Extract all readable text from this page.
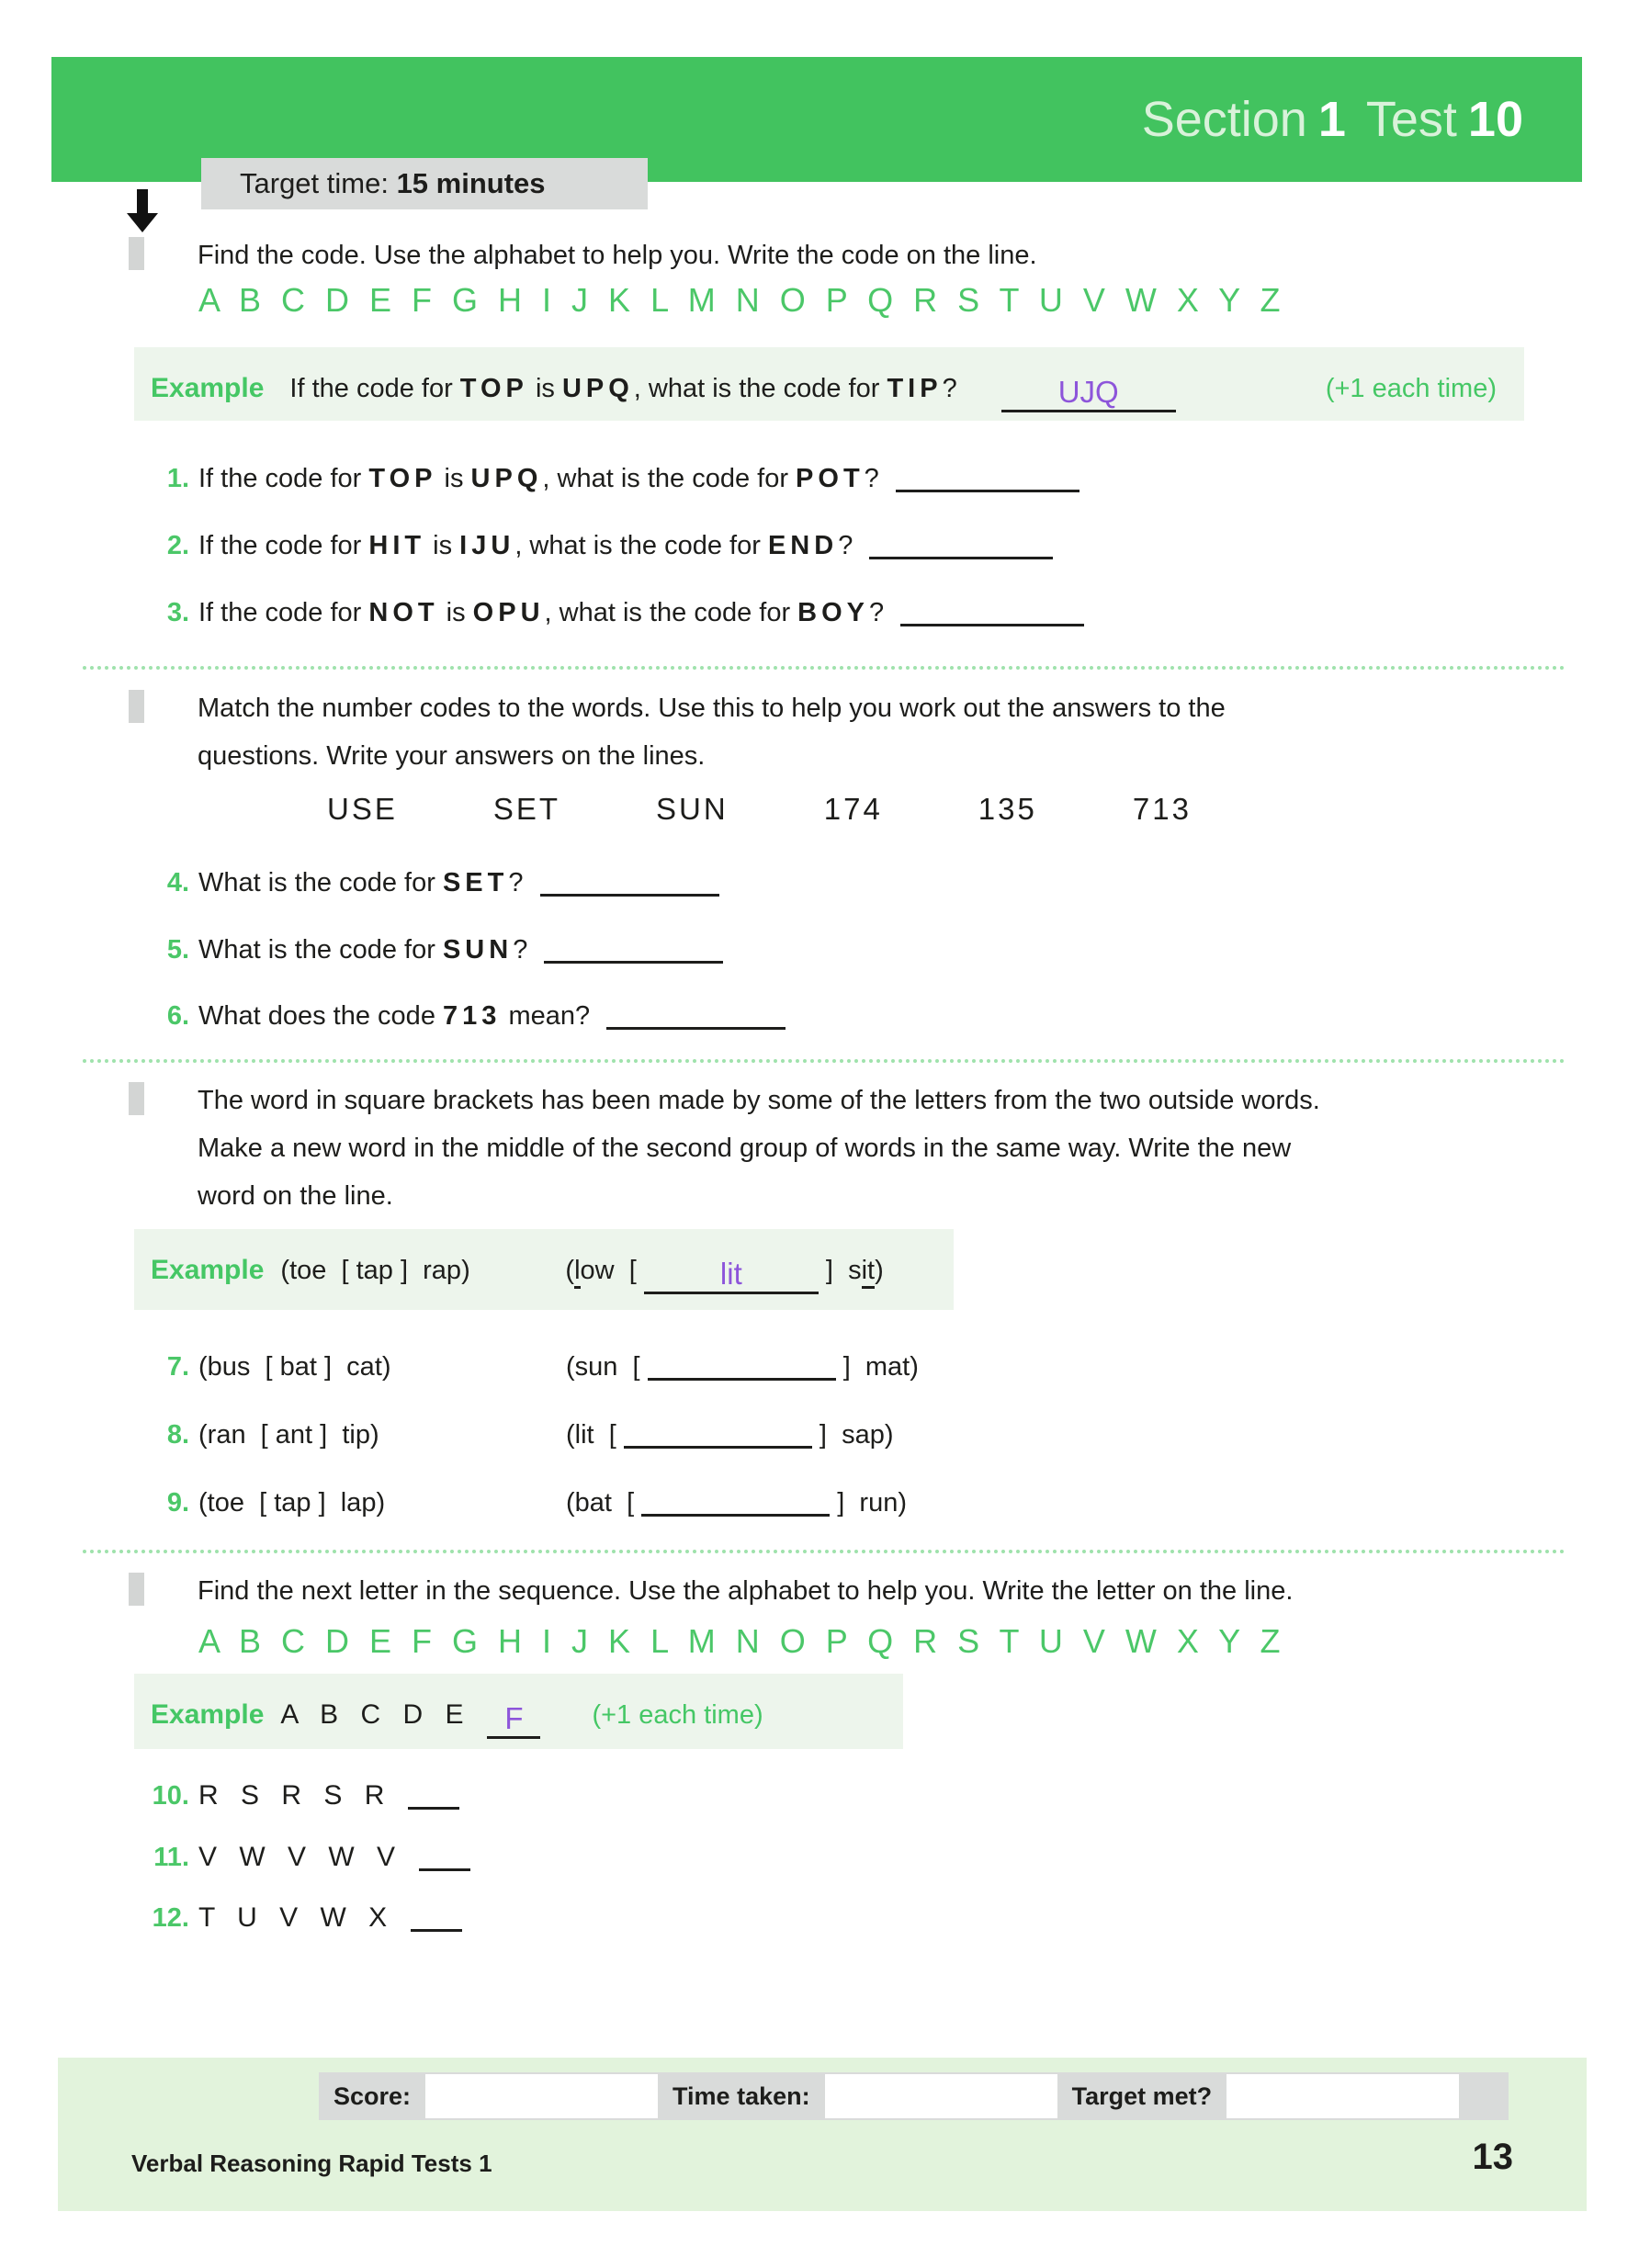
Section 1 Test 10
Target time: 15 minutes
Find the code. Use the alphabet to help you. Write the code on the line.
A B C D E F G H I J K L M N O P Q R S T U V W X Y Z
Example If the code for TOP is UPQ, what is the code for TIP?	UJQ	(+1 each time)
1. If the code for TOP is UPQ, what is the code for POT?
2. If the code for HIT is IJU, what is the code for END?
3. If the code for NOT is OPU, what is the code for BOY?
Match the number codes to the words. Use this to help you work out the answers to the
questions. Write your answers on the lines.
USE	SET	SUN	174	135	713
4. What is the code for SET?
5. What is the code for SUN?
6. What does the code 713 mean?
The word in square brackets has been made by some of the letters from the two outside words.
Make a new word in the middle of the second group of words in the same way. Write the new
word on the line.
Example (toe  [ tap ]  rap)	(low  [	lit	]  sit)
7. (bus  [ bat ]  cat)	(sun  [	]  mat)
8. (ran  [ ant ]  tip)	(lit  [	]  sap)
9. (toe  [ tap ]  lap)	(bat  [	]  run)
Find the next letter in the sequence. Use the alphabet to help you. Write the letter on the line.
A B C D E F G H I J K L M N O P Q R S T U V W X Y Z
Example A B C D E F	(+1 each time)
10. R S R S R
11. V W V W V
12. T U V W X
Score:	Time taken:	Target met?
Verbal Reasoning Rapid Tests 1	13
